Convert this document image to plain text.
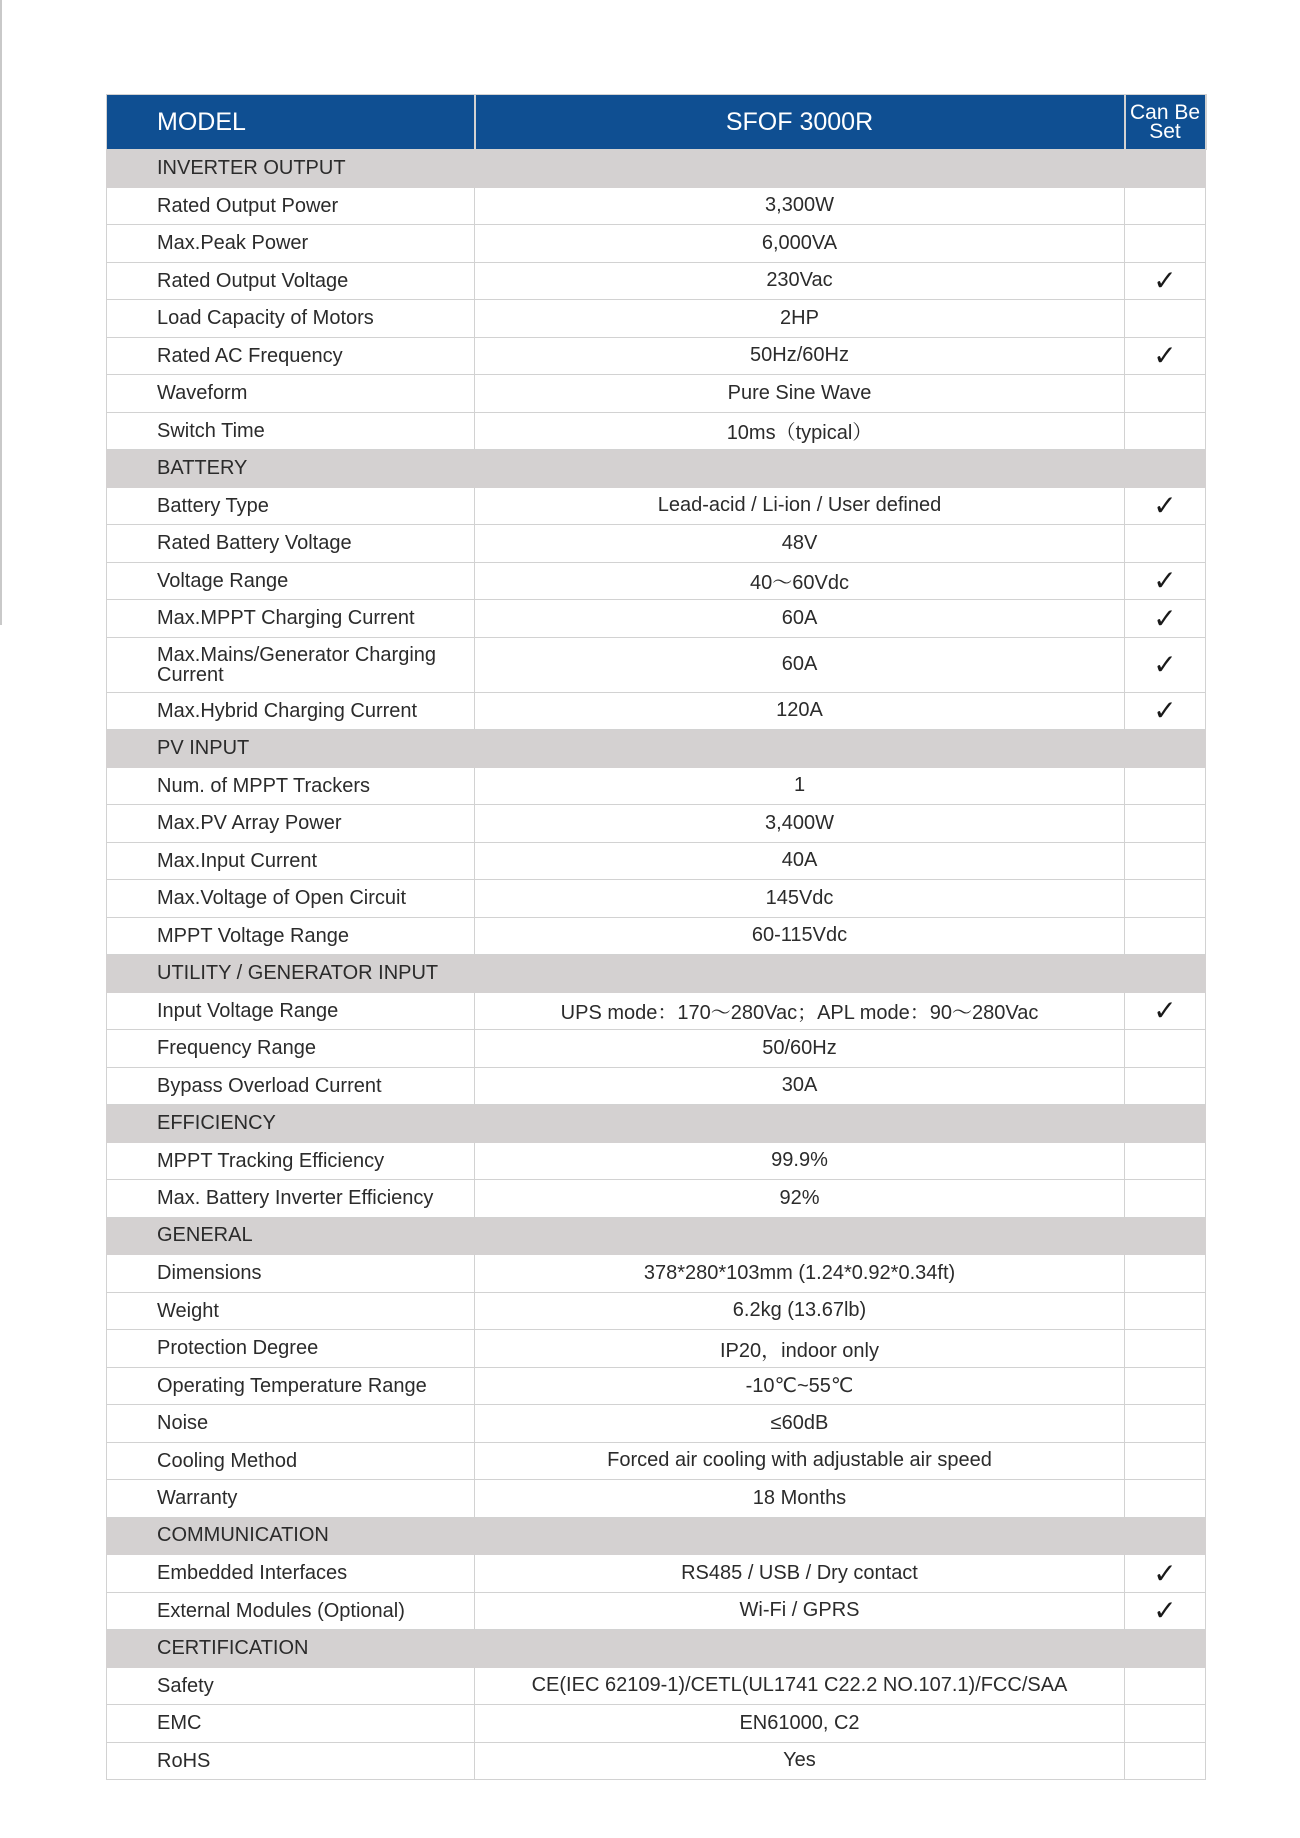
MODEL	SFOF 3000R	Can Be Set
INVERTER OUTPUT		
Rated Output Power	3,300W	
Max.Peak Power	6,000VA	
Rated Output Voltage	230Vac	✓
Load Capacity of Motors	2HP	
Rated AC Frequency	50Hz/60Hz	✓
Waveform	Pure Sine Wave	
Switch Time	10ms（typical）	
BATTERY		
Battery Type	Lead-acid / Li-ion / User defined	✓
Rated Battery Voltage	48V	
Voltage Range	40～60Vdc	✓
Max.MPPT Charging Current	60A	✓
Max.Mains/Generator Charging Current	60A	✓
Max.Hybrid Charging Current	120A	✓
PV INPUT		
Num. of MPPT Trackers	1	
Max.PV Array Power	3,400W	
Max.Input Current	40A	
Max.Voltage of Open Circuit	145Vdc	
MPPT Voltage Range	60-115Vdc	
UTILITY / GENERATOR INPUT		
Input Voltage Range	UPS mode：170～280Vac；APL mode：90～280Vac	✓
Frequency Range	50/60Hz	
Bypass Overload Current	30A	
EFFICIENCY		
MPPT Tracking Efficiency	99.9%	
Max. Battery Inverter Efficiency	92%	
GENERAL		
Dimensions	378*280*103mm (1.24*0.92*0.34ft)	
Weight	6.2kg (13.67lb)	
Protection Degree	IP20，indoor only	
Operating Temperature Range	-10℃~55℃	
Noise	≤60dB	
Cooling Method	Forced air cooling with adjustable air speed	
Warranty	18 Months	
COMMUNICATION		
Embedded Interfaces	RS485 / USB / Dry contact	✓
External Modules (Optional)	Wi-Fi / GPRS	✓
CERTIFICATION		
Safety	CE(IEC 62109-1)/CETL(UL1741 C22.2 NO.107.1)/FCC/SAA	
EMC	EN61000, C2	
RoHS	Yes	
